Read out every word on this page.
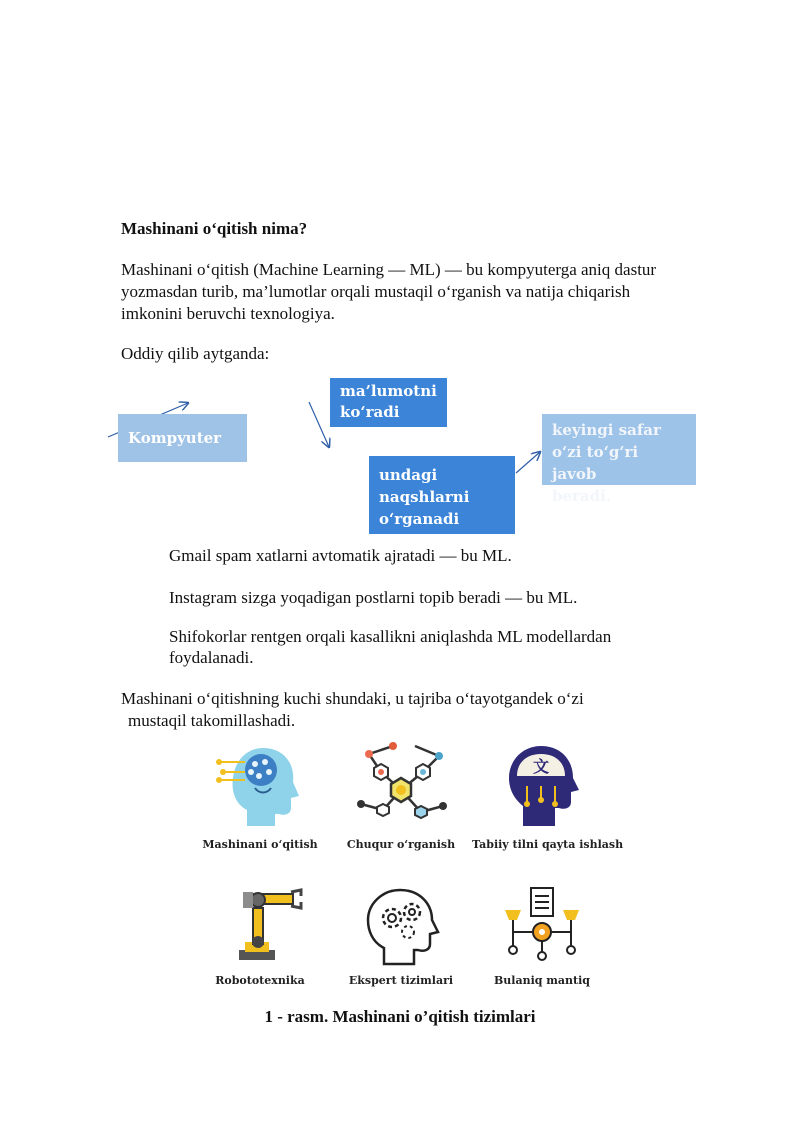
Mashinani o‘qitish nima?
Mashinani o‘qitish (Machine Learning — ML) — bu kompyuterga aniq dastur yozmasdan turib, ma’lumotlar orqali mustaqil o‘rganish va natija chiqarish imkonini beruvchi texnologiya.
Oddiy qilib aytganda:
Kompyuter
ma’lumotni
ko‘radi
undagi
naqshlarni
o‘rganadi
keyingi safar
o‘zi to‘g‘ri javob
beradi.
Gmail spam xatlarni avtomatik ajratadi — bu ML.
Instagram sizga yoqadigan postlarni topib beradi — bu ML.
Shifokorlar rentgen orqali kasallikni aniqlashda ML modellardan foydalanadi.
Mashinani o‘qitishning kuchi shundaki, u tajriba o‘tayotgandek o‘zi
mustaqil takomillashadi.
Mashinani o‘qitish	Chuqur o‘rganish
文
Tabiiy tilni qayta ishlash
Robototexnika	Ekspert tizimlari	Bulaniq mantiq
1 - rasm. Mashinani o’qitish tizimlari
